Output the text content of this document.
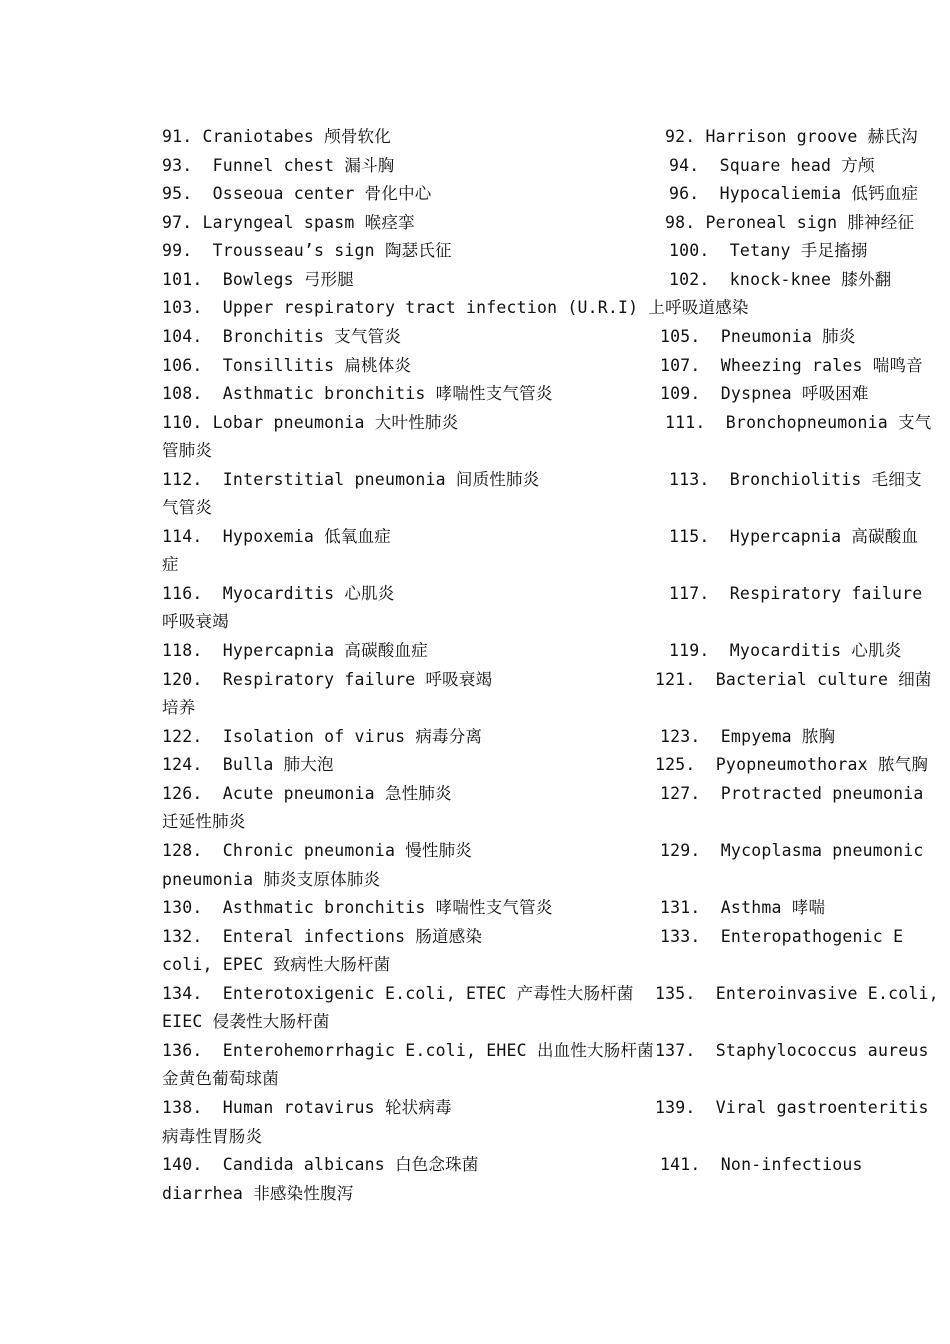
91. Craniotabes 颅骨软化	92. Harrison groove 赫氏沟
93.  Funnel chest 漏斗胸	94.  Square head 方颅
95.  Osseoua center 骨化中心	96.  Hypocaliemia 低钙血症
97. Laryngeal spasm 喉痉挛	98. Peroneal sign 腓神经征
99.  Trousseau’s sign 陶瑟氏征	100.  Tetany 手足搐搦
101.  Bowlegs 弓形腿	102.  knock-knee 膝外翻
103.  Upper respiratory tract infection (U.R.I) 上呼吸道感染
104.  Bronchitis 支气管炎	105.  Pneumonia 肺炎
106.  Tonsillitis 扁桃体炎	107.  Wheezing rales 喘鸣音
108.  Asthmatic bronchitis 哮喘性支气管炎	109.  Dyspnea 呼吸困难
110. Lobar pneumonia 大叶性肺炎	111.  Bronchopneumonia 支气
管肺炎
112.  Interstitial pneumonia 间质性肺炎	113.  Bronchiolitis 毛细支
气管炎
114.  Hypoxemia 低氧血症	115.  Hypercapnia 高碳酸血
症
116.  Myocarditis 心肌炎	117.  Respiratory failure
呼吸衰竭
118.  Hypercapnia 高碳酸血症	119.  Myocarditis 心肌炎
120.  Respiratory failure 呼吸衰竭	121.  Bacterial culture 细菌
培养
122.  Isolation of virus 病毒分离	123.  Empyema 脓胸
124.  Bulla 肺大泡	125.  Pyopneumothorax 脓气胸
126.  Acute pneumonia 急性肺炎	127.  Protracted pneumonia
迁延性肺炎
128.  Chronic pneumonia 慢性肺炎	129.  Mycoplasma pneumonic
pneumonia 肺炎支原体肺炎
130.  Asthmatic bronchitis 哮喘性支气管炎	131.  Asthma 哮喘
132.  Enteral infections 肠道感染	133.  Enteropathogenic E
coli, EPEC 致病性大肠杆菌
134.  Enterotoxigenic E.coli, ETEC 产毒性大肠杆菌 135.  Enteroinvasive E.coli,
EIEC 侵袭性大肠杆菌
136.  Enterohemorrhagic E.coli, EHEC 出血性大肠杆菌 137.  Staphylococcus aureus
金黄色葡萄球菌
138.  Human rotavirus 轮状病毒	139.  Viral gastroenteritis
病毒性胃肠炎
140.  Candida albicans 白色念珠菌	141.  Non-infectious
diarrhea 非感染性腹泻
